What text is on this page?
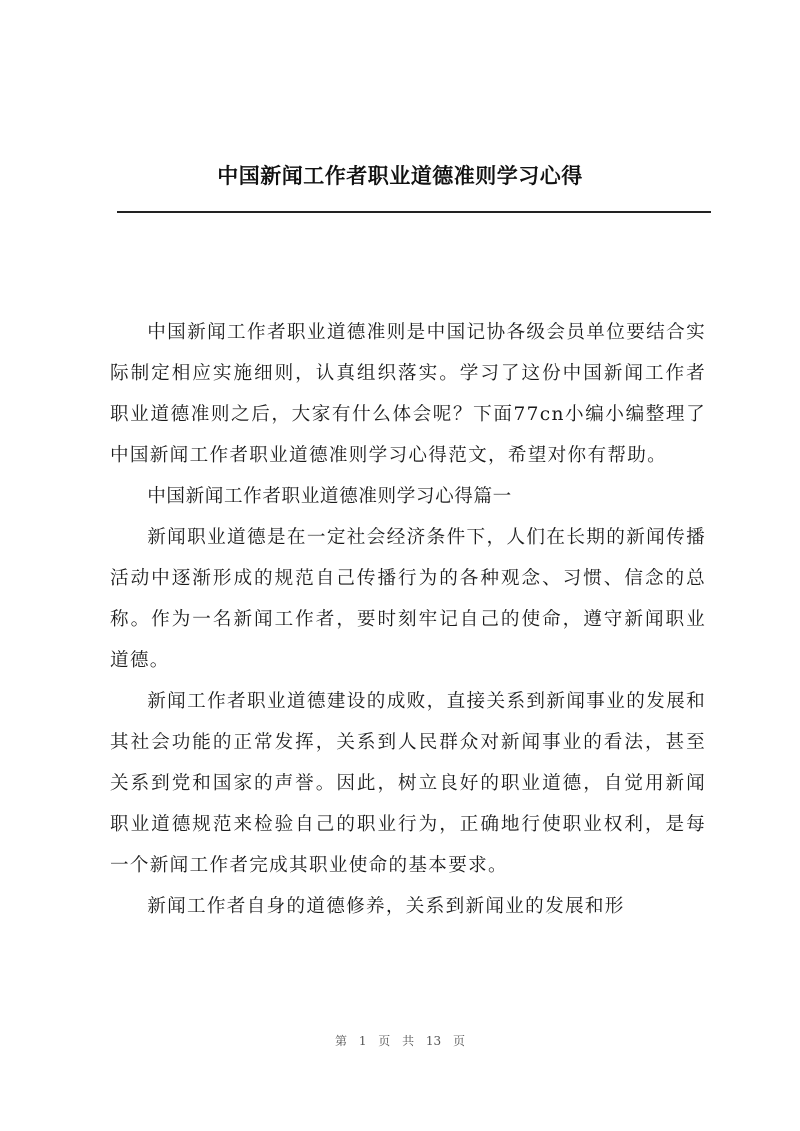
中国新闻工作者职业道德准则学习心得

中国新闻工作者职业道德准则是中国记协各级会员单位要结合实际制定相应实施细则，认真组织落实。学习了这份中国新闻工作者职业道德准则之后，大家有什么体会呢？下面77cn小编小编整理了中国新闻工作者职业道德准则学习心得范文，希望对你有帮助。

中国新闻工作者职业道德准则学习心得篇一

新闻职业道德是在一定社会经济条件下，人们在长期的新闻传播活动中逐渐形成的规范自己传播行为的各种观念、习惯、信念的总称。作为一名新闻工作者，要时刻牢记自己的使命，遵守新闻职业道德。

新闻工作者职业道德建设的成败，直接关系到新闻事业的发展和其社会功能的正常发挥，关系到人民群众对新闻事业的看法，甚至关系到党和国家的声誉。因此，树立良好的职业道德，自觉用新闻职业道德规范来检验自己的职业行为，正确地行使职业权利，是每一个新闻工作者完成其职业使命的基本要求。

新闻工作者自身的道德修养，关系到新闻业的发展和形

第 1 页 共 13 页
